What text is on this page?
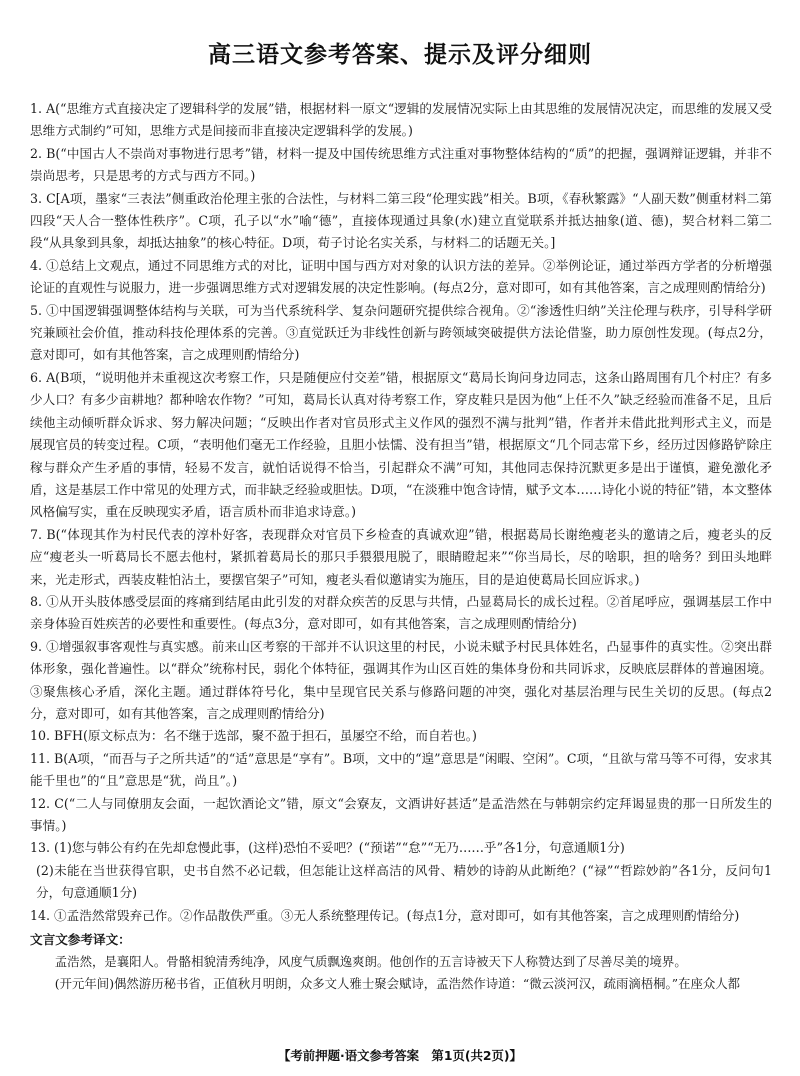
高三语文参考答案、提示及评分细则
1. A(“思维方式直接决定了逻辑科学的发展”错，根据材料一原文“逻辑的发展情况实际上由其思维的发展情况决定，而思维的发展又受思维方式制约”可知，思维方式是间接而非直接决定逻辑科学的发展。)
2. B(“中国古人不崇尚对事物进行思考”错，材料一提及中国传统思维方式注重对事物整体结构的“质”的把握，强调辩证逻辑，并非不崇尚思考，只是思考的方式与西方不同。)
3. C[A项，墨家“三表法”侧重政治伦理主张的合法性，与材料二第三段“伦理实践”相关。B项，《春秋繁露》“人副天数”侧重材料二第四段“天人合一整体性秩序”。C项，孔子以“水”喻“德”，直接体现通过具象(水)建立直觉联系并抵达抽象(道、德)，契合材料二第二段“从具象到具象，却抵达抽象”的核心特征。D项，荀子讨论名实关系，与材料二的话题无关。]
4. ①总结上文观点，通过不同思维方式的对比，证明中国与西方对对象的认识方法的差异。②举例论证，通过举西方学者的分析增强论证的直观性与说服力，进一步强调思维方式对逻辑发展的决定性影响。(每点2分，意对即可，如有其他答案，言之成理则酌情给分)
5. ①中国逻辑强调整体结构与关联，可为当代系统科学、复杂问题研究提供综合视角。②“渗透性归纳”关注伦理与秩序，引导科学研究兼顾社会价值，推动科技伦理体系的完善。③直觉跃迁为非线性创新与跨领域突破提供方法论借鉴，助力原创性发现。(每点2分，意对即可，如有其他答案，言之成理则酌情给分)
6. A(B项，“说明他并未重视这次考察工作，只是随便应付交差”错，根据原文“葛局长询问身边同志，这条山路周围有几个村庄？有多少人口？有多少亩耕地？都种啥农作物？”可知，葛局长认真对待考察工作，穿皮鞋只是因为他“上任不久”缺乏经验而准备不足，且后续他主动倾听群众诉求、努力解决问题；“反映出作者对官员形式主义作风的强烈不满与批判”错，作者并未借此批判形式主义，而是展现官员的转变过程。C项，“表明他们毫无工作经验，且胆小怯懦、没有担当”错，根据原文“几个同志常下乡，经历过因修路铲除庄稼与群众产生矛盾的事情，轻易不发言，就怕话说得不恰当，引起群众不满”可知，其他同志保持沉默更多是出于谨慎，避免激化矛盾，这是基层工作中常见的处理方式，而非缺乏经验或胆怯。D项，“在淡雅中饱含诗情，赋予文本……诗化小说的特征”错，本文整体风格偏写实，重在反映现实矛盾，语言质朴而非追求诗意。)
7. B(“体现其作为村民代表的淳朴好客，表现群众对官员下乡检查的真诚欢迎”错，根据葛局长谢绝瘦老头的邀请之后，瘦老头的反应“瘦老头一听葛局长不愿去他村，紧抓着葛局长的那只手猥猥甩脱了，眼睛瞪起来”“你当局长，尽的啥职，担的啥务？到田头地畔来，光走形式，西装皮鞋怕沾土，要摆官架子”可知，瘦老头看似邀请实为施压，目的是迫使葛局长回应诉求。)
8. ①从开头肢体感受层面的疼痛到结尾由此引发的对群众疾苦的反思与共情，凸显葛局长的成长过程。②首尾呼应，强调基层工作中亲身体验百姓疾苦的必要性和重要性。(每点3分，意对即可，如有其他答案，言之成理则酌情给分)
9. ①增强叙事客观性与真实感。前来山区考察的干部并不认识这里的村民，小说未赋予村民具体姓名，凸显事件的真实性。②突出群体形象，强化普遍性。以“群众”统称村民，弱化个体特征，强调其作为山区百姓的集体身份和共同诉求，反映底层群体的普遍困境。③聚焦核心矛盾，深化主题。通过群体符号化，集中呈现官民关系与修路问题的冲突，强化对基层治理与民生关切的反思。(每点2分，意对即可，如有其他答案，言之成理则酌情给分)
10. BFH(原文标点为：名不继于选部，聚不盈于担石，虽屡空不给，而自若也。)
11. B(A项，“而吾与子之所共适”的“适”意思是“享有”。B项，文中的“遑”意思是“闲暇、空闲”。C项，“且欲与常马等不可得，安求其能千里也”的“且”意思是“犹，尚且”。)
12. C(“二人与同僚朋友会面，一起饮酒论文”错，原文“会寮友，文酒讲好甚适”是孟浩然在与韩朝宗约定拜谒显贵的那一日所发生的事情。)
13. (1)您与韩公有约在先却怠慢此事，(这样)恐怕不妥吧？(“预诺”“怠”“无乃……乎”各1分，句意通顺1分)
(2)未能在当世获得官职，史书自然不必记载，但怎能让这样高洁的风骨、精妙的诗韵从此断绝？(“禄”“哲踪妙韵”各1分，反问句1分，句意通顺1分)
14. ①孟浩然常毁弃己作。②作品散佚严重。③无人系统整理传记。(每点1分，意对即可，如有其他答案，言之成理则酌情给分)
文言文参考译文：
孟浩然，是襄阳人。骨骼相貌清秀纯净，风度气质飘逸爽朗。他创作的五言诗被天下人称赞达到了尽善尽美的境界。
(开元年间)偶然游历秘书省，正值秋月明朗，众多文人雅士聚会赋诗，孟浩然作诗道：“微云淡河汉，疏雨滴梧桐。”在座众人都
【考前押题·语文参考答案　第1页(共2页)】
